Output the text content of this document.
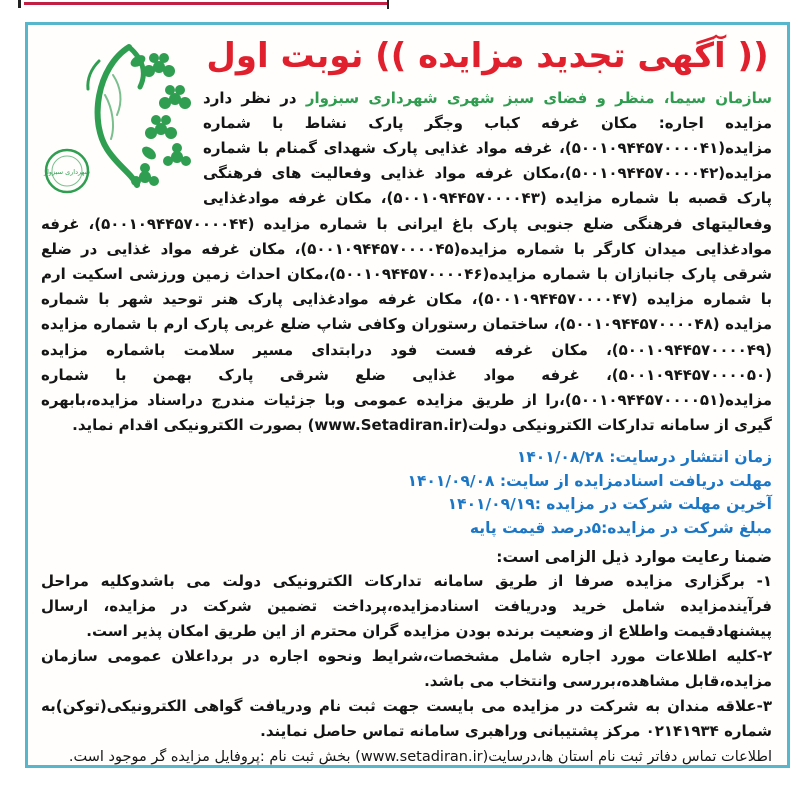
شهرداری سبزوار
(( آگهی تجدید مزایده )) نوبت اول

سازمان سیما، منظر و فضای سبز شهری شهرداری سبزوار در نظر دارد مزایده اجاره: مکان غرفه کباب وجگر پارک نشاط با شماره مزایده(۵۰۰۱۰۹۴۴۵۷۰۰۰۰۴۱)، غرفه مواد غذایی پارک شهدای گمنام با شماره مزایده(۵۰۰۱۰۹۴۴۵۷۰۰۰۰۴۲)،مکان غرفه مواد غذایی وفعالیت های فرهنگی پارک قصبه با شماره مزایده (۵۰۰۱۰۹۴۴۵۷۰۰۰۰۴۳)، مکان غرفه موادغذایی وفعالیتهای فرهنگی ضلع جنوبی پارک باغ ایرانی با شماره مزایده (۵۰۰۱۰۹۴۴۵۷۰۰۰۰۴۴)، غرفه موادغذایی میدان کارگر با شماره مزایده(۵۰۰۱۰۹۴۴۵۷۰۰۰۰۴۵)، مکان غرفه مواد غذایی در ضلع شرقی پارک جانبازان با شماره مزایده(۵۰۰۱۰۹۴۴۵۷۰۰۰۰۴۶)،مکان احداث زمین ورزشی اسکیت ارم با شماره مزایده (۵۰۰۱۰۹۴۴۵۷۰۰۰۰۴۷)، مکان غرفه موادغذایی پارک هنر توحید شهر با شماره مزایده (۵۰۰۱۰۹۴۴۵۷۰۰۰۰۴۸)، ساختمان رستوران وکافی شاپ ضلع غربی پارک ارم با شماره مزایده (۵۰۰۱۰۹۴۴۵۷۰۰۰۰۴۹)، مکان غرفه فست فود درابتدای مسیر سلامت باشماره مزایده (۵۰۰۱۰۹۴۴۵۷۰۰۰۰۵۰)، غرفه مواد غذایی ضلع شرقی پارک بهمن با شماره مزایده(۵۰۰۱۰۹۴۴۵۷۰۰۰۰۵۱)،را از طریق مزایده عمومی وبا جزئیات مندرج دراسناد مزایده،بابهره گیری از سامانه تدارکات الکترونیکی دولت(www.Setadiran.ir) بصورت الکترونیکی اقدام نماید.

زمان انتشار درسایت: ۱۴۰۱/۰۸/۲۸
مهلت دریافت اسنادمزایده از سایت: ۱۴۰۱/۰۹/۰۸
آخرین مهلت شرکت در مزایده :۱۴۰۱/۰۹/۱۹
مبلغ شرکت در مزایده:۵درصد قیمت پایه
ضمنا رعایت موارد ذیل الزامی است:

۱- برگزاری مزایده صرفا از طریق سامانه تدارکات الکترونیکی دولت می باشدوکلیه مراحل فرآیندمزایده شامل خرید ودریافت اسنادمزایده،پرداخت تضمین شرکت در مزایده، ارسال پیشنهادقیمت واطلاع از وضعیت برنده بودن مزایده گران محترم از این طریق امکان پذیر است.

۲-کلیه اطلاعات مورد اجاره شامل مشخصات،شرایط ونحوه اجاره در برداعلان عمومی سازمان مزایده،قابل مشاهده،بررسی وانتخاب می باشد.

۳-علاقه مندان به شرکت در مزایده می بایست جهت ثبت نام ودریافت گواهی الکترونیکی(توکن)به شماره ۰۲۱۴۱۹۳۴ مرکز پشتیبانی وراهبری سامانه تماس حاصل نمایند.

اطلاعات تماس دفاتر ثبت نام استان ها،درسایت(www.setadiran.ir) بخش ثبت نام :پروفایل مزایده گر موجود است.
